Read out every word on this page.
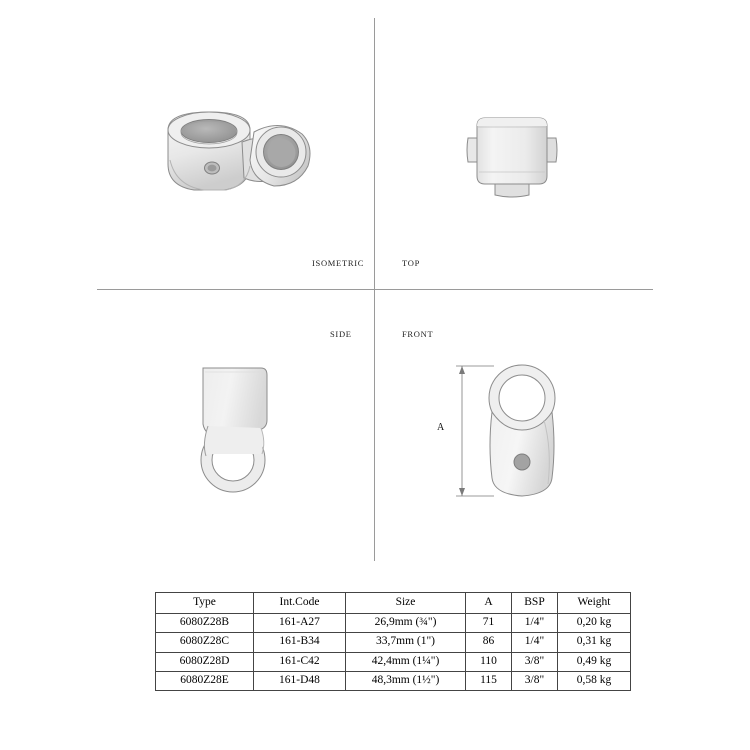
A
ISOMETRIC	TOP
SIDE	FRONT
Type	Int.Code	Size	A	BSP	Weight
6080Z28B	161-A27	26,9mm (¾")	71	1/4"	0,20 kg
6080Z28C	161-B34	33,7mm (1")	86	1/4"	0,31 kg
6080Z28D	161-C42	42,4mm (1¼")	110	3/8"	0,49 kg
6080Z28E	161-D48	48,3mm (1½")	115	3/8"	0,58 kg
